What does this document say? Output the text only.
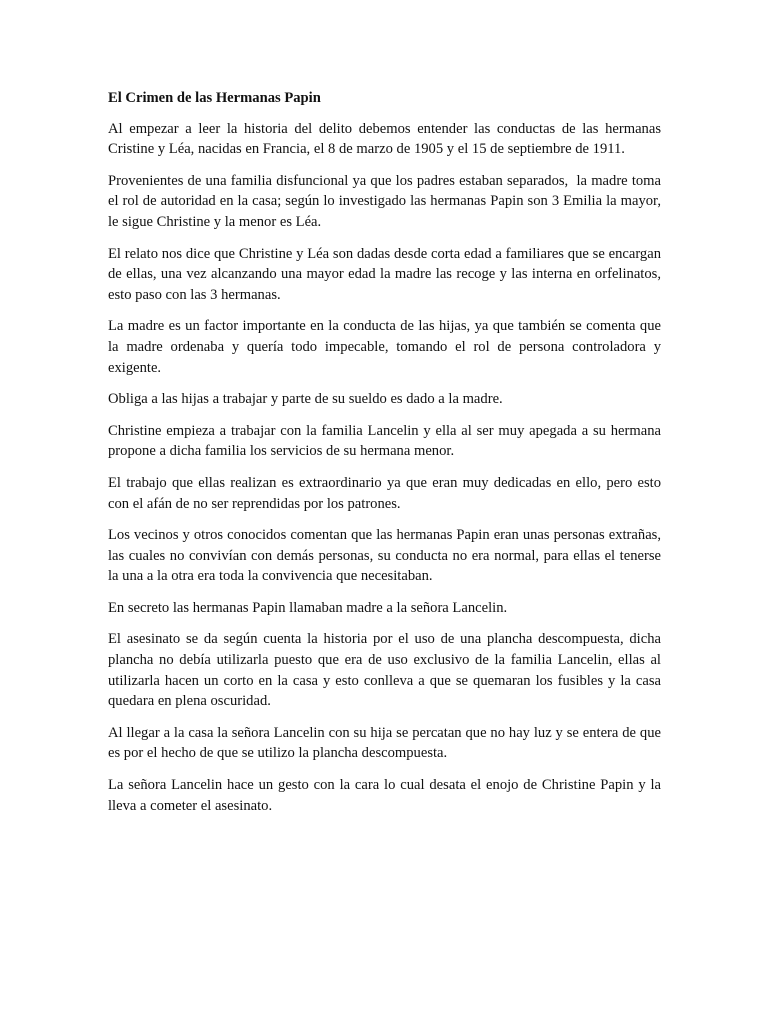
El Crimen de las Hermanas Papin

Al empezar a leer la historia del delito debemos entender las conductas de las hermanas Cristine y Léa, nacidas en Francia, el 8 de marzo de 1905 y el 15 de septiembre de 1911.

Provenientes de una familia disfuncional ya que los padres estaban separados,  la madre toma el rol de autoridad en la casa; según lo investigado las hermanas Papin son 3 Emilia la mayor, le sigue Christine y la menor es Léa.

El relato nos dice que Christine y Léa son dadas desde corta edad a familiares que se encargan de ellas, una vez alcanzando una mayor edad la madre las recoge y las interna en orfelinatos, esto paso con las 3 hermanas.

La madre es un factor importante en la conducta de las hijas, ya que también se comenta que la madre ordenaba y quería todo impecable, tomando el rol de persona controladora y exigente.

Obliga a las hijas a trabajar y parte de su sueldo es dado a la madre.

Christine empieza a trabajar con la familia Lancelin y ella al ser muy apegada a su hermana propone a dicha familia los servicios de su hermana menor.

El trabajo que ellas realizan es extraordinario ya que eran muy dedicadas en ello, pero esto con el afán de no ser reprendidas por los patrones.

Los vecinos y otros conocidos comentan que las hermanas Papin eran unas personas extrañas, las cuales no convivían con demás personas, su conducta no era normal, para ellas el tenerse la una a la otra era toda la convivencia que necesitaban.

En secreto las hermanas Papin llamaban madre a la señora Lancelin.

El asesinato se da según cuenta la historia por el uso de una plancha descompuesta, dicha plancha no debía utilizarla puesto que era de uso exclusivo de la familia Lancelin, ellas al utilizarla hacen un corto en la casa y esto conlleva a que se quemaran los fusibles y la casa quedara en plena oscuridad.

Al llegar a la casa la señora Lancelin con su hija se percatan que no hay luz y se entera de que es por el hecho de que se utilizo la plancha descompuesta.

La señora Lancelin hace un gesto con la cara lo cual desata el enojo de Christine Papin y la lleva a cometer el asesinato.
